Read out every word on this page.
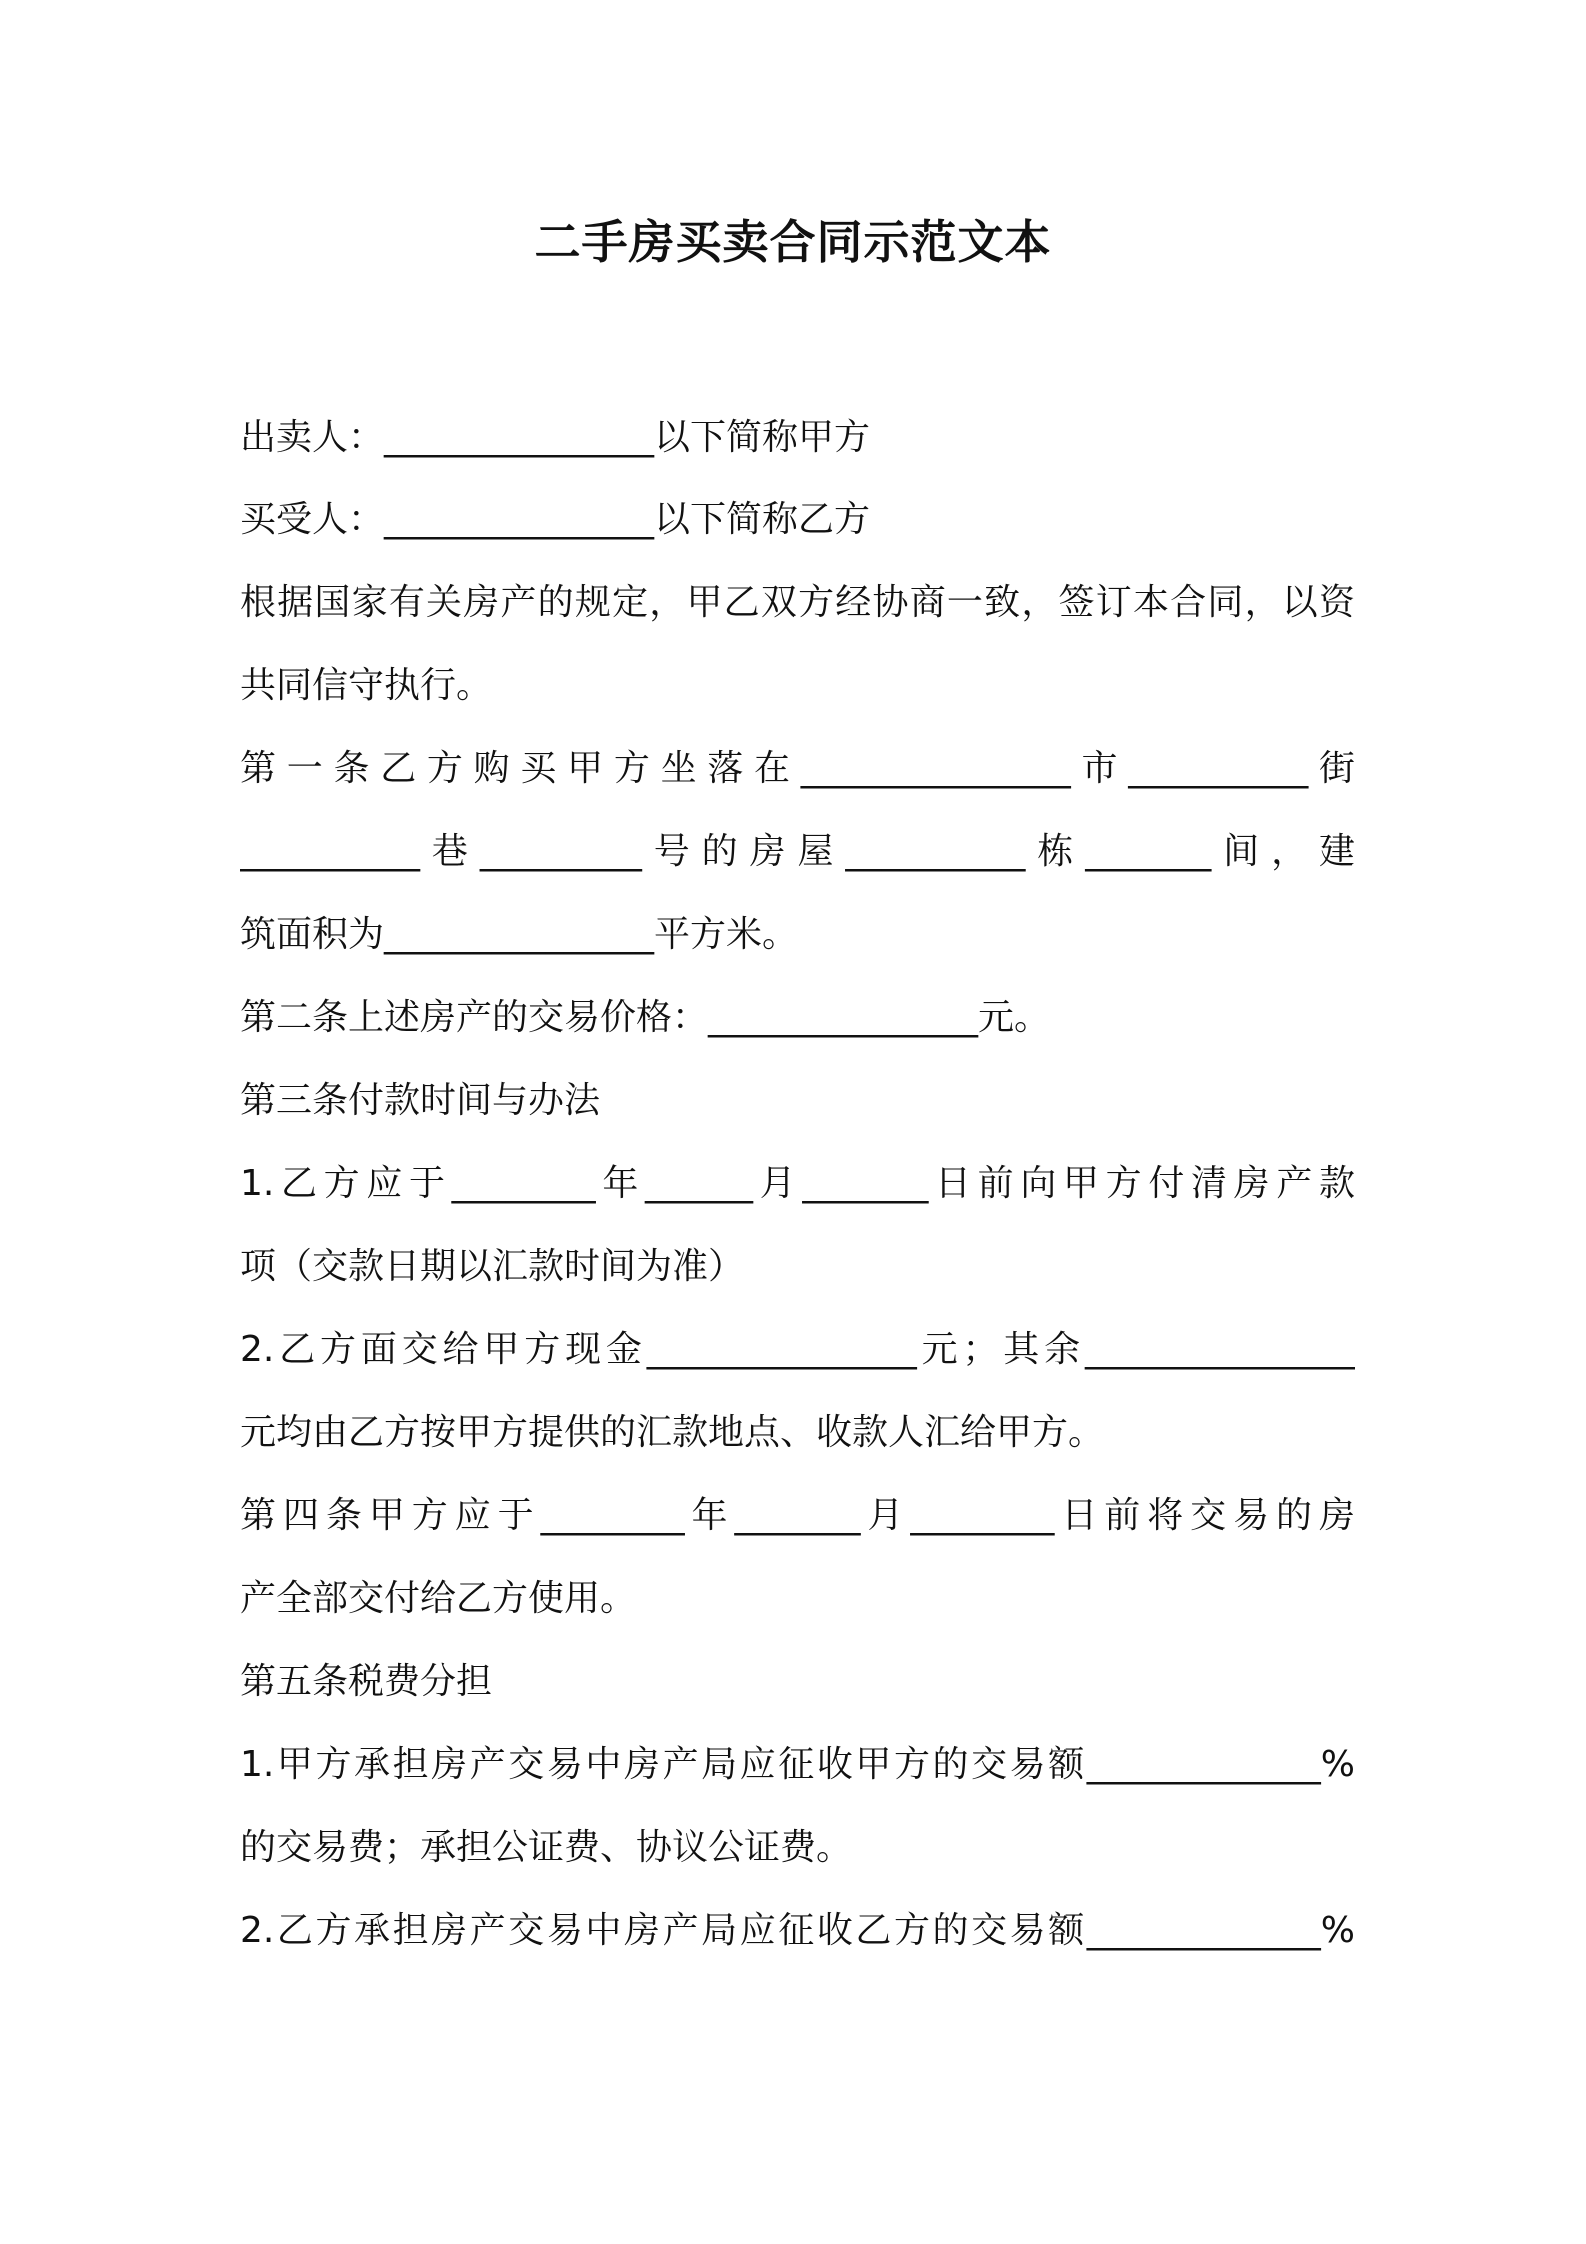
二手房买卖合同示范文本
出卖人：_______________以下简称甲方
买受人：_______________以下简称乙方
根据国家有关房产的规定，甲乙双方经协商一致，签订本合同，以资
共同信守执行。
第一条乙方购买甲方坐落在_______________市__________街
__________巷_________号的房屋__________栋_______间，建
筑面积为_______________平方米。
第二条上述房产的交易价格：_______________元。
第三条付款时间与办法
1.乙方应于________年______月_______日前向甲方付清房产款
项（交款日期以汇款时间为准）
2.乙方面交给甲方现金_______________元；其余_______________
元均由乙方按甲方提供的汇款地点、收款人汇给甲方。
第四条甲方应于________年_______月________日前将交易的房
产全部交付给乙方使用。
第五条税费分担
1.甲方承担房产交易中房产局应征收甲方的交易额_____________%
的交易费；承担公证费、协议公证费。
2.乙方承担房产交易中房产局应征收乙方的交易额_____________%
